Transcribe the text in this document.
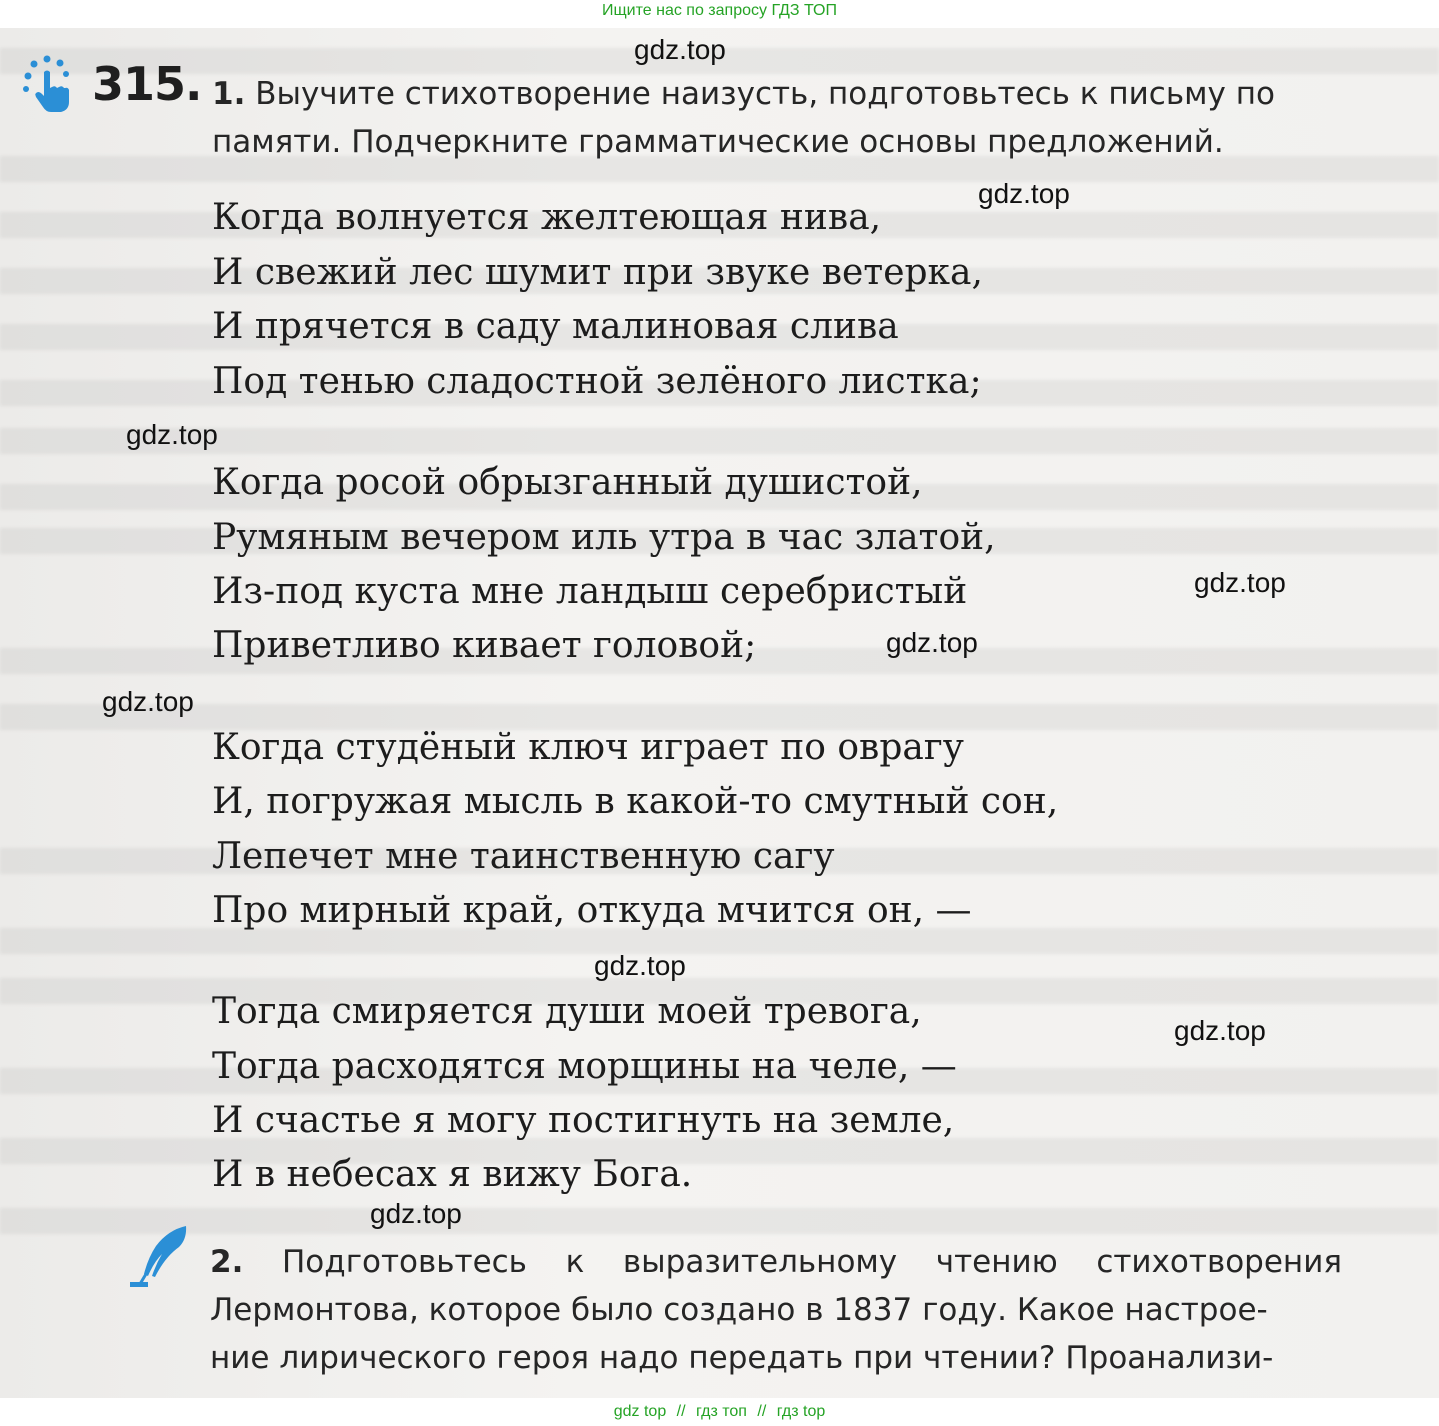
Ищите нас по запросу ГДЗ ТОП
315. 1. Выучите стихотворение наизусть, подготовьтесь к письму по
памяти. Подчеркните грамматические основы предложений.
Когда волнуется желтеющая нива,
И свежий лес шумит при звуке ветерка,
И прячется в саду малиновая слива
Под тенью сладостной зелёного листка;
Когда росой обрызганный душистой,
Румяным вечером иль утра в час златой,
Из-под куста мне ландыш серебристый
Приветливо кивает головой;
Когда студёный ключ играет по оврагу
И, погружая мысль в какой-то смутный сон,
Лепечет мне таинственную сагу
Про мирный край, откуда мчится он, —
Тогда смиряется души моей тревога,
Тогда расходятся морщины на челе, —
И счастье я могу постигнуть на земле,
И в небесах я вижу Бога.
2. Подготовьтесь к выразительному чтению стихотворения
Лермонтова, которое было создано в 1837 году. Какое настрое-
ние лирического героя надо передать при чтении? Проанализи-
gdz.top
gdz.top
gdz.top
gdz.top
gdz.top
gdz.top
gdz.top
gdz.top
gdz.top
gdz top // гдз топ // гдз top
